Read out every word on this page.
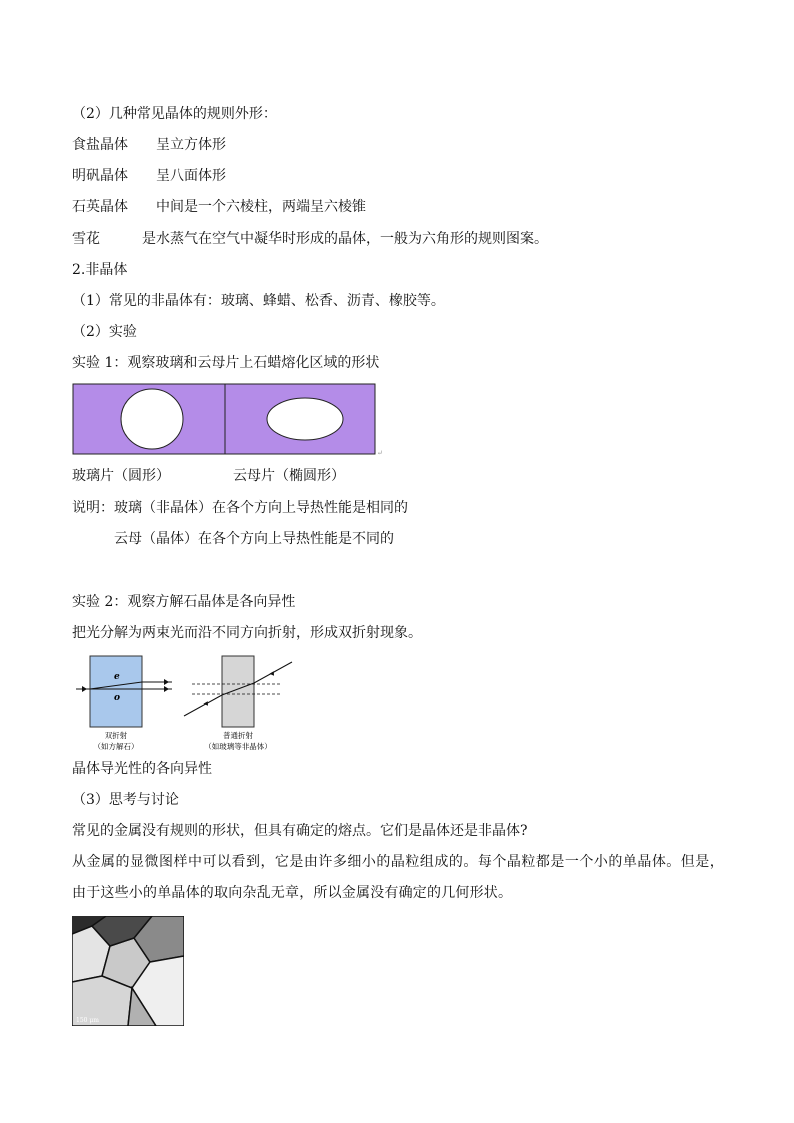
（2）几种常见晶体的规则外形：
食盐晶体 呈立方体形
明矾晶体 呈八面体形
石英晶体 中间是一个六棱柱，两端呈六棱锥
雪花	是水蒸气在空气中凝华时形成的晶体，一般为六角形的规则图案。
2.非晶体
（1）常见的非晶体有：玻璃、蜂蜡、松香、沥青、橡胶等。
（2）实验
实验 1：观察玻璃和云母片上石蜡熔化区域的形状
↵
玻璃片（圆形）	云母片（椭圆形）
说明：玻璃（非晶体）在各个方向上导热性能是相同的
云母（晶体）在各个方向上导热性能是不同的
实验 2：观察方解石晶体是各向异性
把光分解为两束光而沿不同方向折射，形成双折射现象。
e
o
双折射
（如方解石）
普通折射
（如玻璃等非晶体）
晶体导光性的各向异性
（3）思考与讨论
常见的金属没有规则的形状，但具有确定的熔点。它们是晶体还是非晶体?
从金属的显微图样中可以看到，它是由许多细小的晶粒组成的。每个晶粒都是一个小的单晶体。但是，由于这些小的单晶体的取向杂乱无章，所以金属没有确定的几何形状。
150 μm
